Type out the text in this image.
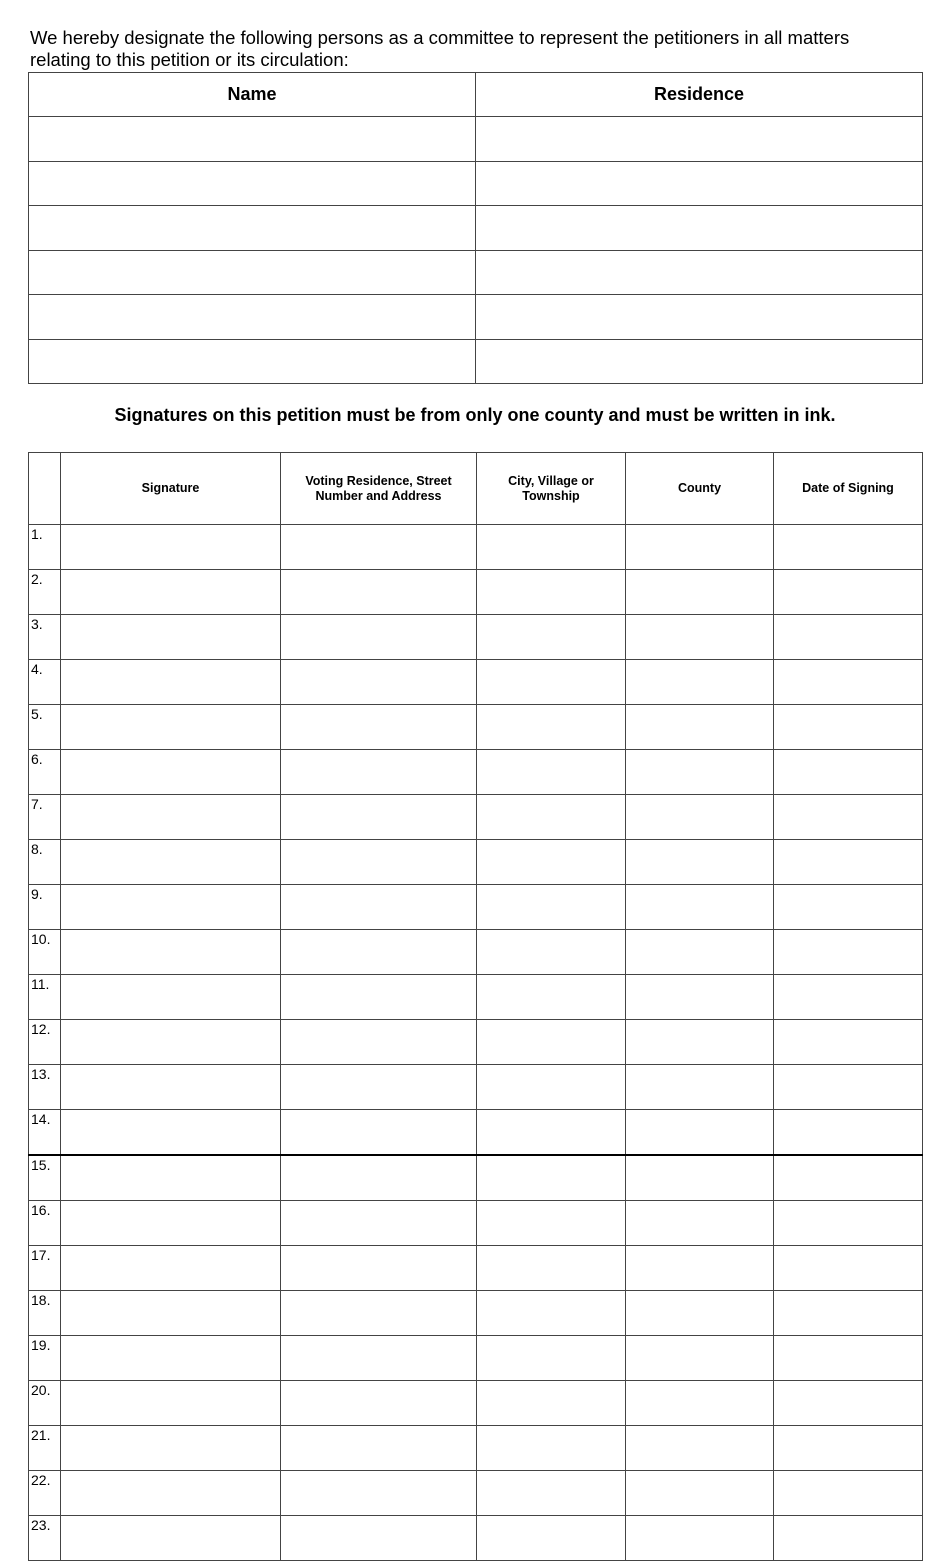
We hereby designate the following persons as a committee to represent the petitioners in all matters relating to this petition or its circulation:
Name	Residence

Signatures on this petition must be from only one county and must be written in ink.
	Signature	Voting Residence, Street Number and Address	City, Village or Township	County	Date of Signing
1.					
2.					
3.					
4.					
5.					
6.					
7.					
8.					
9.					
10.					
11.					
12.					
13.					
14.					
15.					
16.					
17.					
18.					
19.					
20.					
21.					
22.					
23.					
